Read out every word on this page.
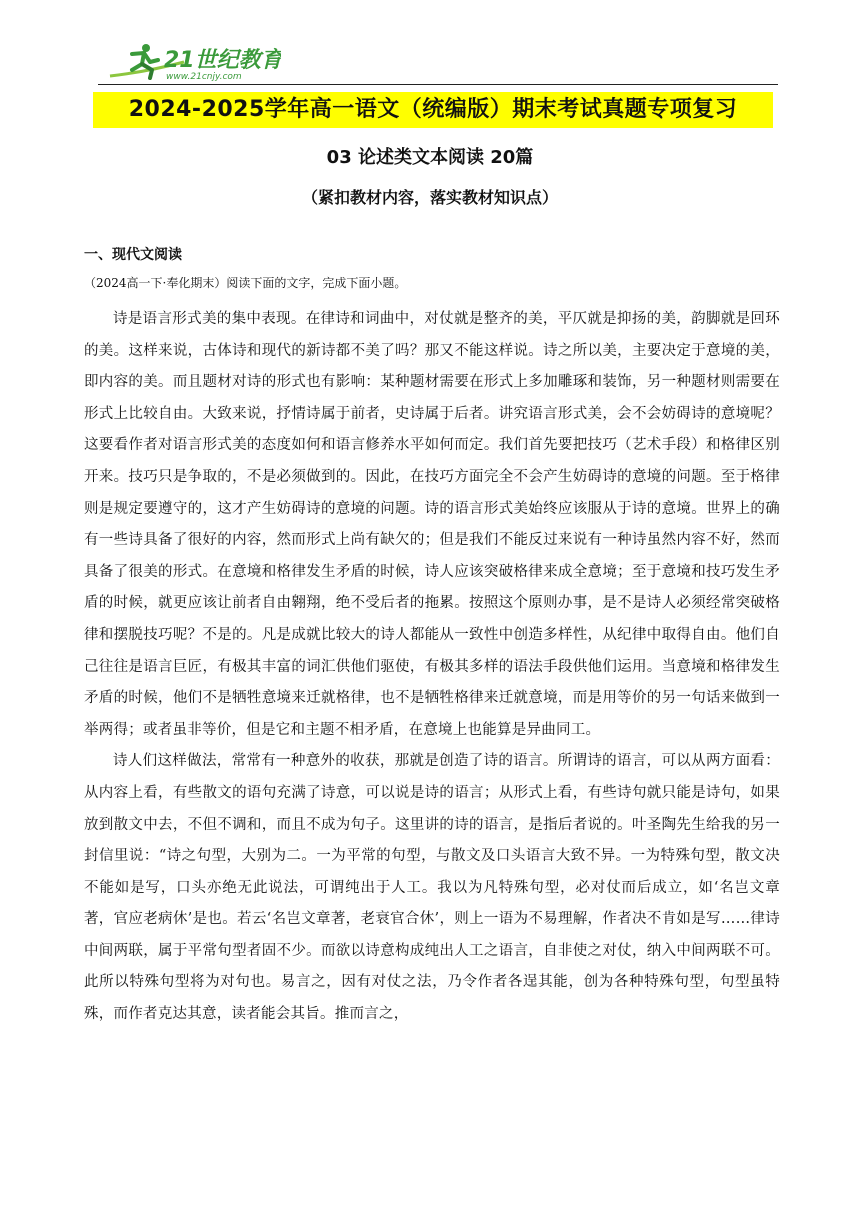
21世纪教育
www.21cnjy.com
2024-2025学年高一语文（统编版）期末考试真题专项复习
03 论述类文本阅读 20篇
（紧扣教材内容，落实教材知识点）
一、现代文阅读
（2024高一下·奉化期末）阅读下面的文字，完成下面小题。

诗是语言形式美的集中表现。在律诗和词曲中，对仗就是整齐的美，平仄就是抑扬的美，韵脚就是回环的美。这样来说，古体诗和现代的新诗都不美了吗？那又不能这样说。诗之所以美，主要决定于意境的美，即内容的美。而且题材对诗的形式也有影响：某种题材需要在形式上多加雕琢和装饰，另一种题材则需要在形式上比较自由。大致来说，抒情诗属于前者，史诗属于后者。讲究语言形式美，会不会妨碍诗的意境呢？这要看作者对语言形式美的态度如何和语言修养水平如何而定。我们首先要把技巧（艺术手段）和格律区别开来。技巧只是争取的，不是必须做到的。因此，在技巧方面完全不会产生妨碍诗的意境的问题。至于格律则是规定要遵守的，这才产生妨碍诗的意境的问题。诗的语言形式美始终应该服从于诗的意境。世界上的确有一些诗具备了很好的内容，然而形式上尚有缺欠的；但是我们不能反过来说有一种诗虽然内容不好，然而具备了很美的形式。在意境和格律发生矛盾的时候，诗人应该突破格律来成全意境；至于意境和技巧发生矛盾的时候，就更应该让前者自由翱翔，绝不受后者的拖累。按照这个原则办事，是不是诗人必须经常突破格律和摆脱技巧呢？不是的。凡是成就比较大的诗人都能从一致性中创造多样性，从纪律中取得自由。他们自己往往是语言巨匠，有极其丰富的词汇供他们驱使，有极其多样的语法手段供他们运用。当意境和格律发生矛盾的时候，他们不是牺牲意境来迁就格律，也不是牺牲格律来迁就意境，而是用等价的另一句话来做到一举两得；或者虽非等价，但是它和主题不相矛盾，在意境上也能算是异曲同工。

诗人们这样做法，常常有一种意外的收获，那就是创造了诗的语言。所谓诗的语言，可以从两方面看：从内容上看，有些散文的语句充满了诗意，可以说是诗的语言；从形式上看，有些诗句就只能是诗句，如果放到散文中去，不但不调和，而且不成为句子。这里讲的诗的语言，是指后者说的。叶圣陶先生给我的另一封信里说：“诗之句型，大别为二。一为平常的句型，与散文及口头语言大致不异。一为特殊句型，散文决不能如是写，口头亦绝无此说法，可谓纯出于人工。我以为凡特殊句型，必对仗而后成立，如‘名岂文章著，官应老病休’是也。若云‘名岂文章著，老衰官合休’，则上一语为不易理解，作者决不肯如是写……律诗中间两联，属于平常句型者固不少。而欲以诗意构成纯出人工之语言，自非使之对仗，纳入中间两联不可。此所以特殊句型将为对句也。易言之，因有对仗之法，乃令作者各逞其能，创为各种特殊句型，句型虽特殊，而作者克达其意，读者能会其旨。推而言之，
